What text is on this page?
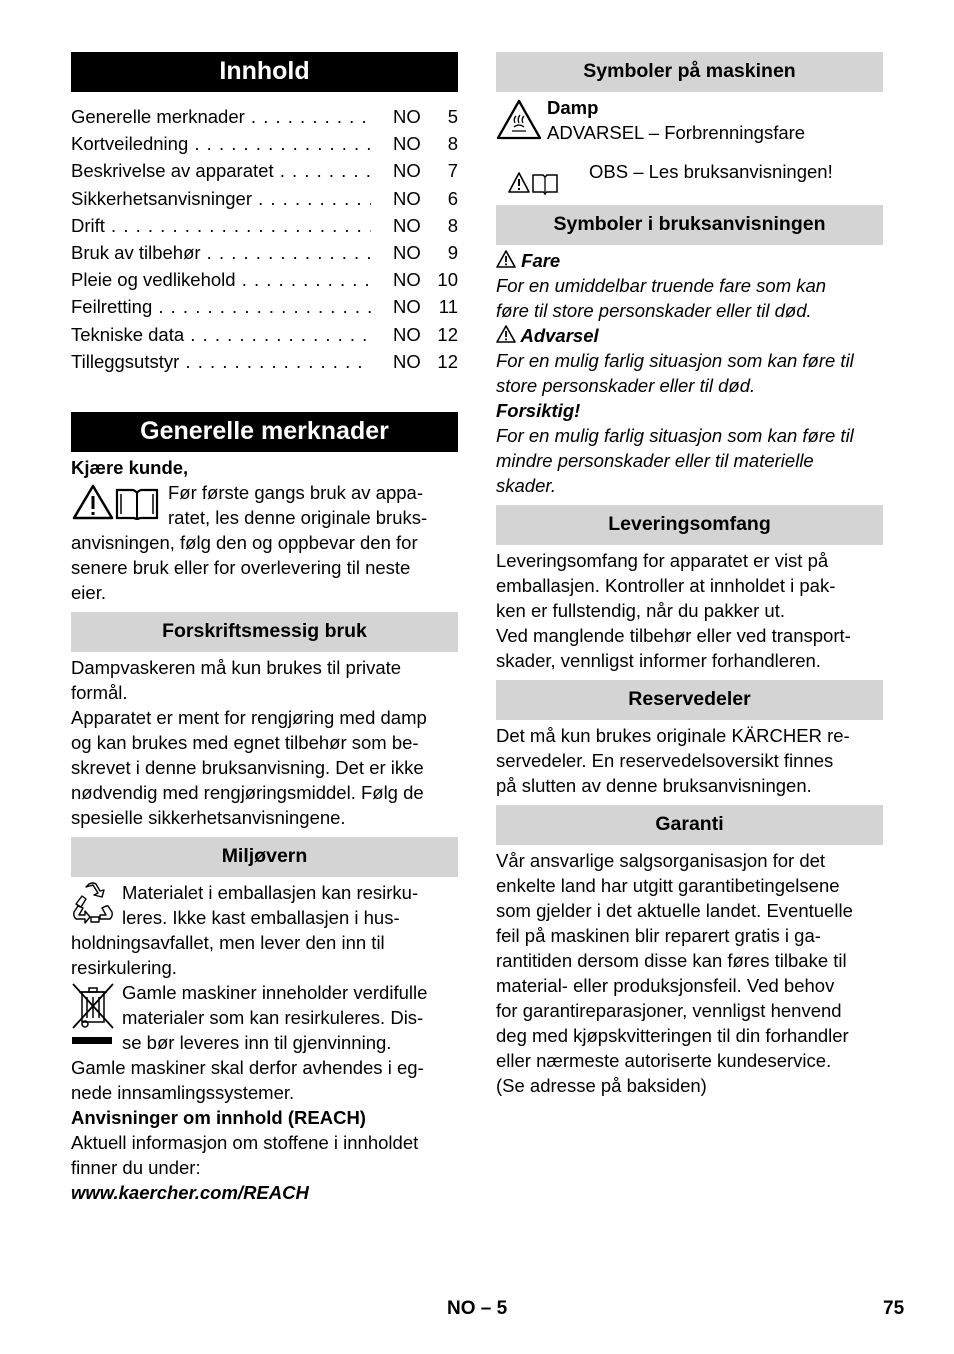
Innhold
Generelle merknader . . .	NO	5
Kortveiledning . . .	NO	8
Beskrivelse av apparatet . . .	NO	7
Sikkerhetsanvisninger . . .	NO	6
Drift . . .	NO	8
Bruk av tilbehør . . .	NO	9
Pleie og vedlikehold . . .	NO 10
Feilretting . . .	NO 11
Tekniske data . . .	NO 12
Tilleggsutstyr . . .	NO 12
Generelle merknader

Kjære kunde,

Før første gangs bruk av appa-

ratet, les denne originale bruks-

anvisningen, følg den og oppbevar den for

senere bruk eller for overlevering til neste

eier.

Forskriftsmessig bruk

Dampvaskeren må kun brukes til private

formål.

Apparatet er ment for rengjøring med damp

og kan brukes med egnet tilbehør som be-

skrevet i denne bruksanvisning. Det er ikke

nødvendig med rengjøringsmiddel. Følg de

spesielle sikkerhetsanvisningene.

Miljøvern

Materialet i emballasjen kan resirku-

leres. Ikke kast emballasjen i hus-

holdningsavfallet, men lever den inn til

resirkulering.

Gamle maskiner inneholder verdifulle

materialer som kan resirkuleres. Dis-

se bør leveres inn til gjenvinning.

Gamle maskiner skal derfor avhendes i eg-

nede innsamlingssystemer.

Anvisninger om innhold (REACH)

Aktuell informasjon om stoffene i innholdet

finner du under:

www.kaercher.com/REACH

Symboler på maskinen

Damp

ADVARSEL – Forbrenningsfare

OBS – Les bruksanvisningen!

Symboler i bruksanvisningen

Fare

For en umiddelbar truende fare som kan

føre til store personskader eller til død.

Advarsel

For en mulig farlig situasjon som kan føre til

store personskader eller til død.

Forsiktig!

For en mulig farlig situasjon som kan føre til

mindre personskader eller til materielle

skader.

Leveringsomfang

Leveringsomfang for apparatet er vist på

emballasjen. Kontroller at innholdet i pak-

ken er fullstendig, når du pakker ut.

Ved manglende tilbehør eller ved transport-

skader, vennligst informer forhandleren.

Reservedeler

Det må kun brukes originale KÄRCHER re-

servedeler. En reservedelsoversikt finnes

på slutten av denne bruksanvisningen.

Garanti

Vår ansvarlige salgsorganisasjon for det

enkelte land har utgitt garantibetingelsene

som gjelder i det aktuelle landet. Eventuelle

feil på maskinen blir reparert gratis i ga-

rantitiden dersom disse kan føres tilbake til

material- eller produksjonsfeil. Ved behov

for garantireparasjoner, vennligst henvend

deg med kjøpskvitteringen til din forhandler

eller nærmeste autoriserte kundeservice.

(Se adresse på baksiden)

NO – 5	75
